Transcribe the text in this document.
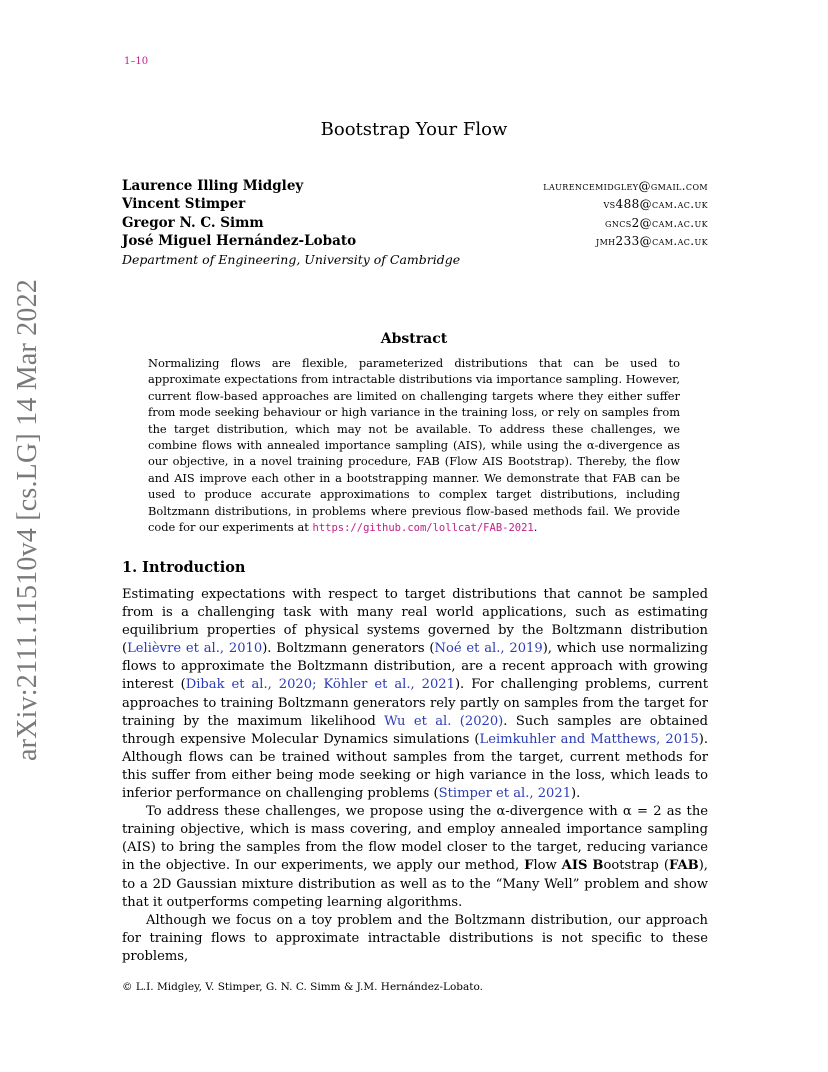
1–10
arXiv:2111.11510v4 [cs.LG] 14 Mar 2022
Bootstrap Your Flow
Laurence Illing Midgley	laurencemidgley@gmail.com
Vincent Stimper	vs488@cam.ac.uk
Gregor N. C. Simm	gncs2@cam.ac.uk
José Miguel Hernández-Lobato	jmh233@cam.ac.uk
Department of Engineering, University of Cambridge
Abstract
Normalizing flows are flexible, parameterized distributions that can be used to approximate expectations from intractable distributions via importance sampling. However, current flow-based approaches are limited on challenging targets where they either suffer from mode seeking behaviour or high variance in the training loss, or rely on samples from the target distribution, which may not be available. To address these challenges, we combine flows with annealed importance sampling (AIS), while using the α-divergence as our objective, in a novel training procedure, FAB (Flow AIS Bootstrap). Thereby, the flow and AIS improve each other in a bootstrapping manner. We demonstrate that FAB can be used to produce accurate approximations to complex target distributions, including Boltzmann distributions, in problems where previous flow-based methods fail. We provide code for our experiments at https://github.com/lollcat/FAB-2021.
1. Introduction

Estimating expectations with respect to target distributions that cannot be sampled from is a challenging task with many real world applications, such as estimating equilibrium properties of physical systems governed by the Boltzmann distribution (Lelièvre et al., 2010). Boltzmann generators (Noé et al., 2019), which use normalizing flows to approximate the Boltzmann distribution, are a recent approach with growing interest (Dibak et al., 2020; Köhler et al., 2021). For challenging problems, current approaches to training Boltzmann generators rely partly on samples from the target for training by the maximum likelihood Wu et al. (2020). Such samples are obtained through expensive Molecular Dynamics simulations (Leimkuhler and Matthews, 2015). Although flows can be trained without samples from the target, current methods for this suffer from either being mode seeking or high variance in the loss, which leads to inferior performance on challenging problems (Stimper et al., 2021).

To address these challenges, we propose using the α-divergence with α = 2 as the training objective, which is mass covering, and employ annealed importance sampling (AIS) to bring the samples from the flow model closer to the target, reducing variance in the objective. In our experiments, we apply our method, Flow AIS Bootstrap (FAB), to a 2D Gaussian mixture distribution as well as to the “Many Well” problem and show that it outperforms competing learning algorithms.

Although we focus on a toy problem and the Boltzmann distribution, our approach for training flows to approximate intractable distributions is not specific to these problems,

© L.I. Midgley, V. Stimper, G. N. C. Simm & J.M. Hernández-Lobato.
